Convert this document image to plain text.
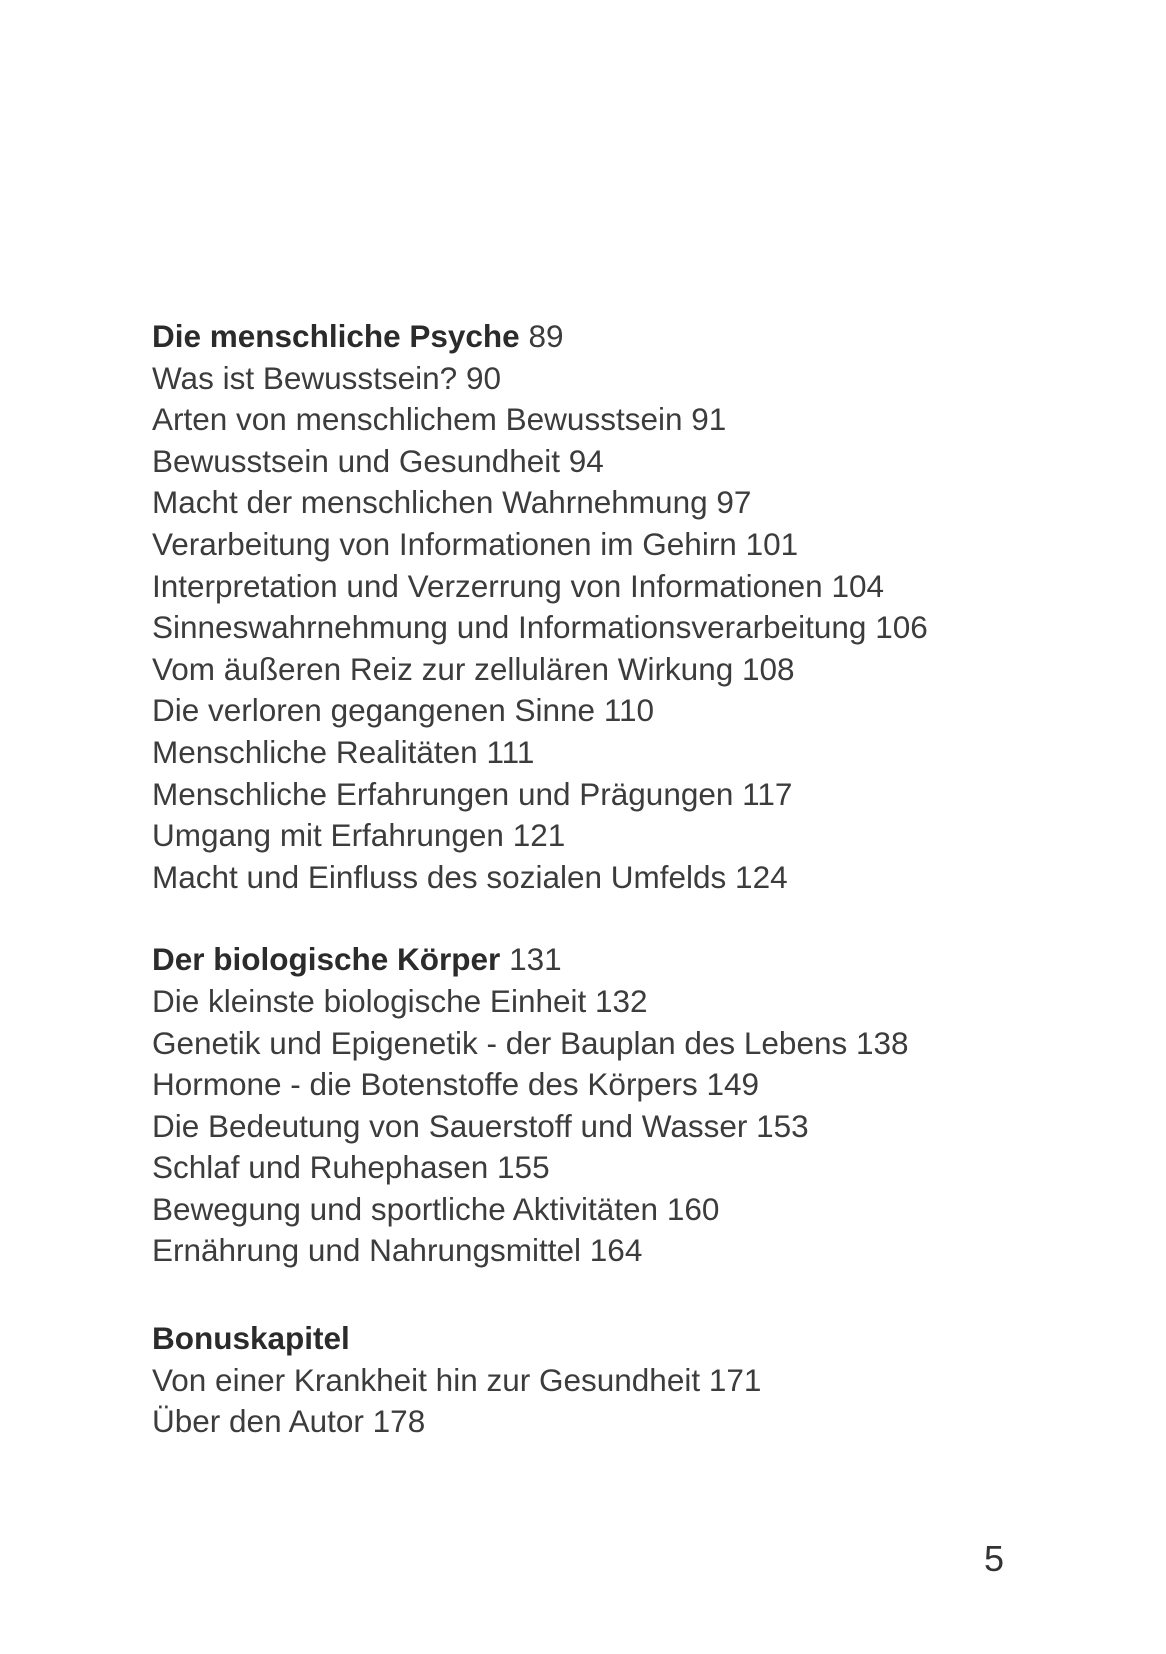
Die menschliche Psyche 89
Was ist Bewusstsein? 90
Arten von menschlichem Bewusstsein 91
Bewusstsein und Gesundheit 94
Macht der menschlichen Wahrnehmung 97
Verarbeitung von Informationen im Gehirn 101
Interpretation und Verzerrung von Informationen 104
Sinneswahrnehmung und Informationsverarbeitung 106
Vom äußeren Reiz zur zellulären Wirkung 108
Die verloren gegangenen Sinne 110
Menschliche Realitäten 111
Menschliche Erfahrungen und Prägungen 117
Umgang mit Erfahrungen 121
Macht und Einfluss des sozialen Umfelds 124
Der biologische Körper 131
Die kleinste biologische Einheit 132
Genetik und Epigenetik - der Bauplan des Lebens 138
Hormone - die Botenstoffe des Körpers 149
Die Bedeutung von Sauerstoff und Wasser 153
Schlaf und Ruhephasen 155
Bewegung und sportliche Aktivitäten 160
Ernährung und Nahrungsmittel 164
Bonuskapitel
Von einer Krankheit hin zur Gesundheit 171
Über den Autor 178
5
